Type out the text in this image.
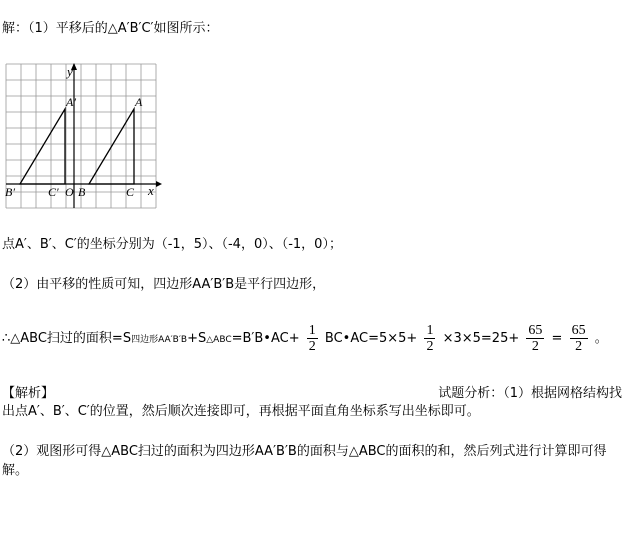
解：（1）平移后的△A′B′C′如图所示：
y
x
A′	A
B′	C′ O B	C
点A′、B′、C′的坐标分别为（-1，5）、（-4，0）、（-1，0）；
（2）由平移的性质可知，四边形AA′B′B是平行四边形，
∴△ABC扫过的面积=S四边形AA′B′B+S△ABC=B′B•AC+ $\frac{1}{2}$ BC•AC=5×5+ $\frac{1}{2} \times 3\times 5=25+ \frac{65}{2} = \frac{65}{2}$ 。
【解析】	试题分析：（1）根据网格结构找
出点A′、B′、C′的位置，然后顺次连接即可，再根据平面直角坐标系写出坐标即可。
（2）观图形可得△ABC扫过的面积为四边形AA′B′B的面积与△ABC的面积的和，然后列式进行计算即可得
解。
